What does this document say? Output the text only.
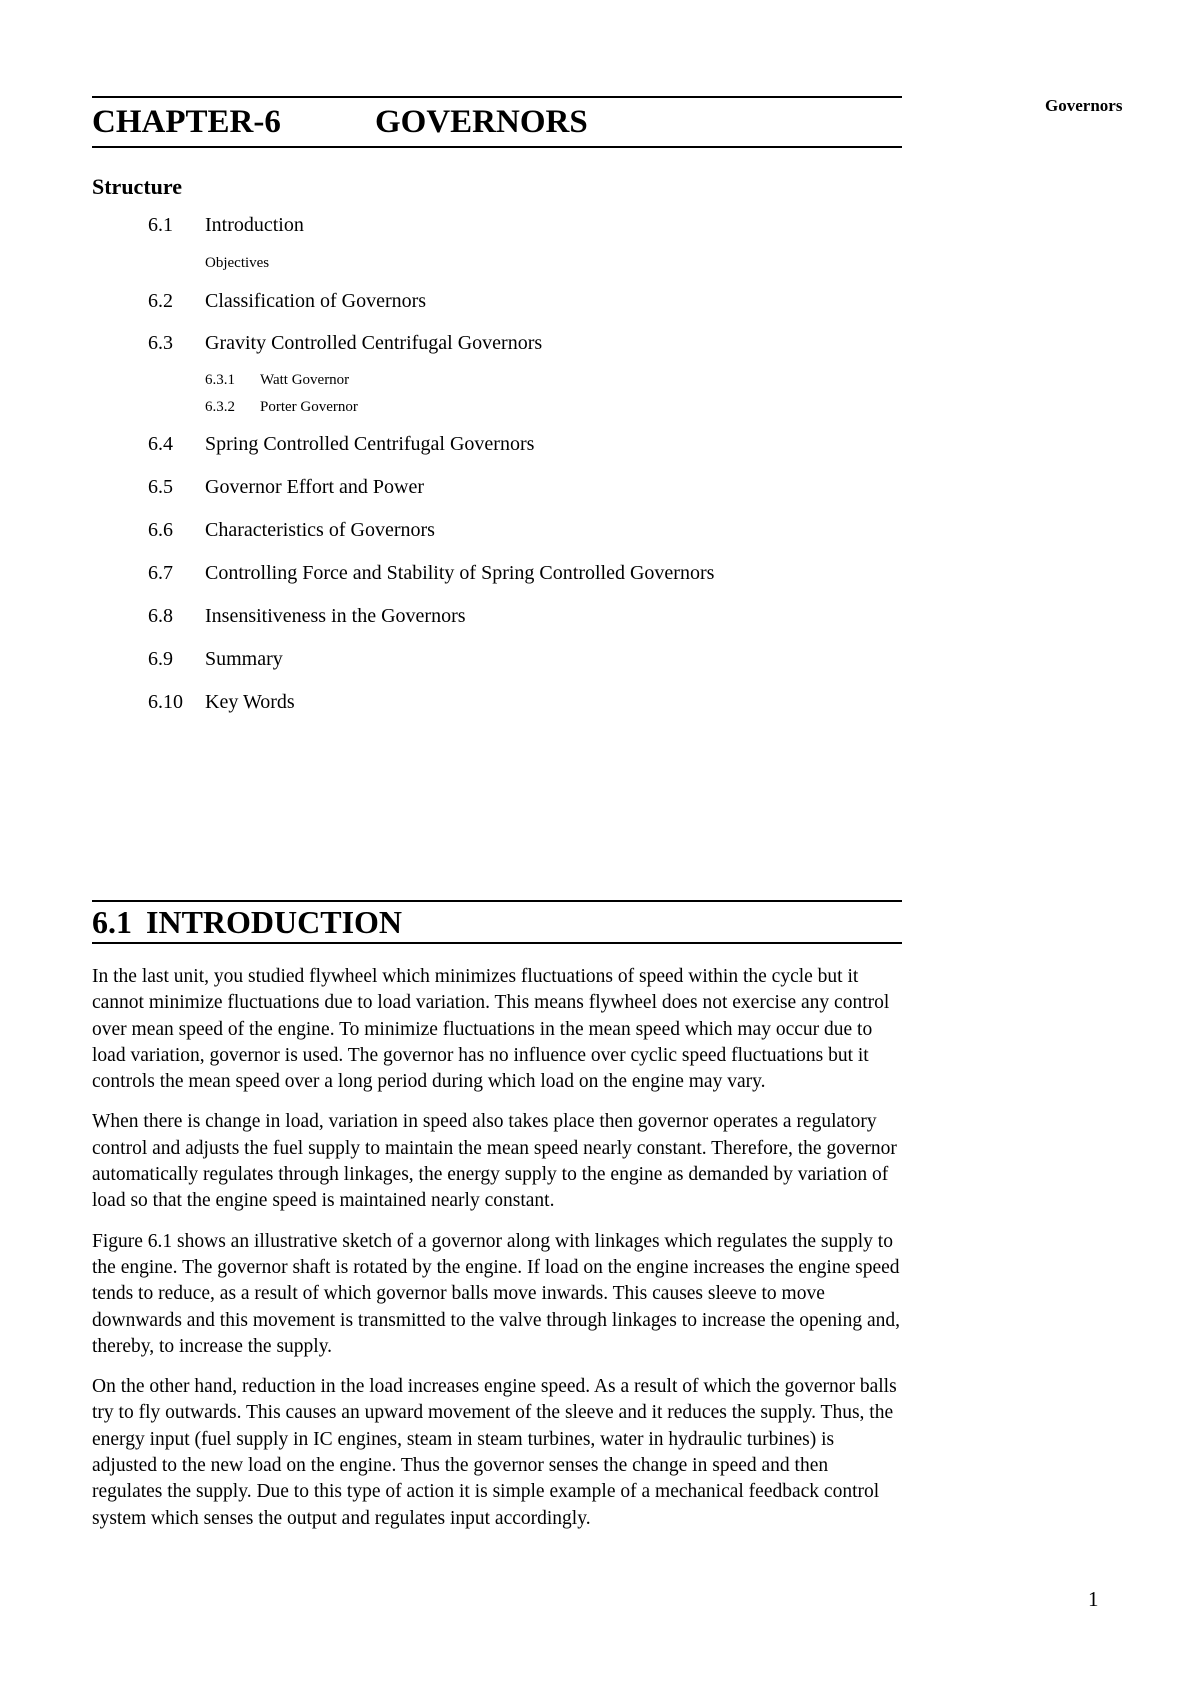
Governors
CHAPTER-6	GOVERNORS
Structure
6.1	Introduction
Objectives
6.2	Classification of Governors
6.3	Gravity Controlled Centrifugal Governors
6.3.1	Watt Governor
6.3.2	Porter Governor
6.4	Spring Controlled Centrifugal Governors
6.5	Governor Effort and Power
6.6	Characteristics of Governors
6.7	Controlling Force and Stability of Spring Controlled Governors
6.8	Insensitiveness in the Governors
6.9	Summary
6.10	Key Words
6.1 INTRODUCTION

In the last unit, you studied flywheel which minimizes fluctuations of speed within the cycle but it cannot minimize fluctuations due to load variation. This means flywheel does not exercise any control over mean speed of the engine. To minimize fluctuations in the mean speed which may occur due to load variation, governor is used. The governor has no influence over cyclic speed fluctuations but it controls the mean speed over a long period during which load on the engine may vary.

When there is change in load, variation in speed also takes place then governor operates a regulatory control and adjusts the fuel supply to maintain the mean speed nearly constant. Therefore, the governor automatically regulates through linkages, the energy supply to the engine as demanded by variation of load so that the engine speed is maintained nearly constant.

Figure 6.1 shows an illustrative sketch of a governor along with linkages which regulates the supply to the engine. The governor shaft is rotated by the engine. If load on the engine increases the engine speed tends to reduce, as a result of which governor balls move inwards. This causes sleeve to move downwards and this movement is transmitted to the valve through linkages to increase the opening and, thereby, to increase the supply.

On the other hand, reduction in the load increases engine speed. As a result of which the governor balls try to fly outwards. This causes an upward movement of the sleeve and it reduces the supply. Thus, the energy input (fuel supply in IC engines, steam in steam turbines, water in hydraulic turbines) is adjusted to the new load on the engine. Thus the governor senses the change in speed and then regulates the supply. Due to this type of action it is simple example of a mechanical feedback control system which senses the output and regulates input accordingly.

1
